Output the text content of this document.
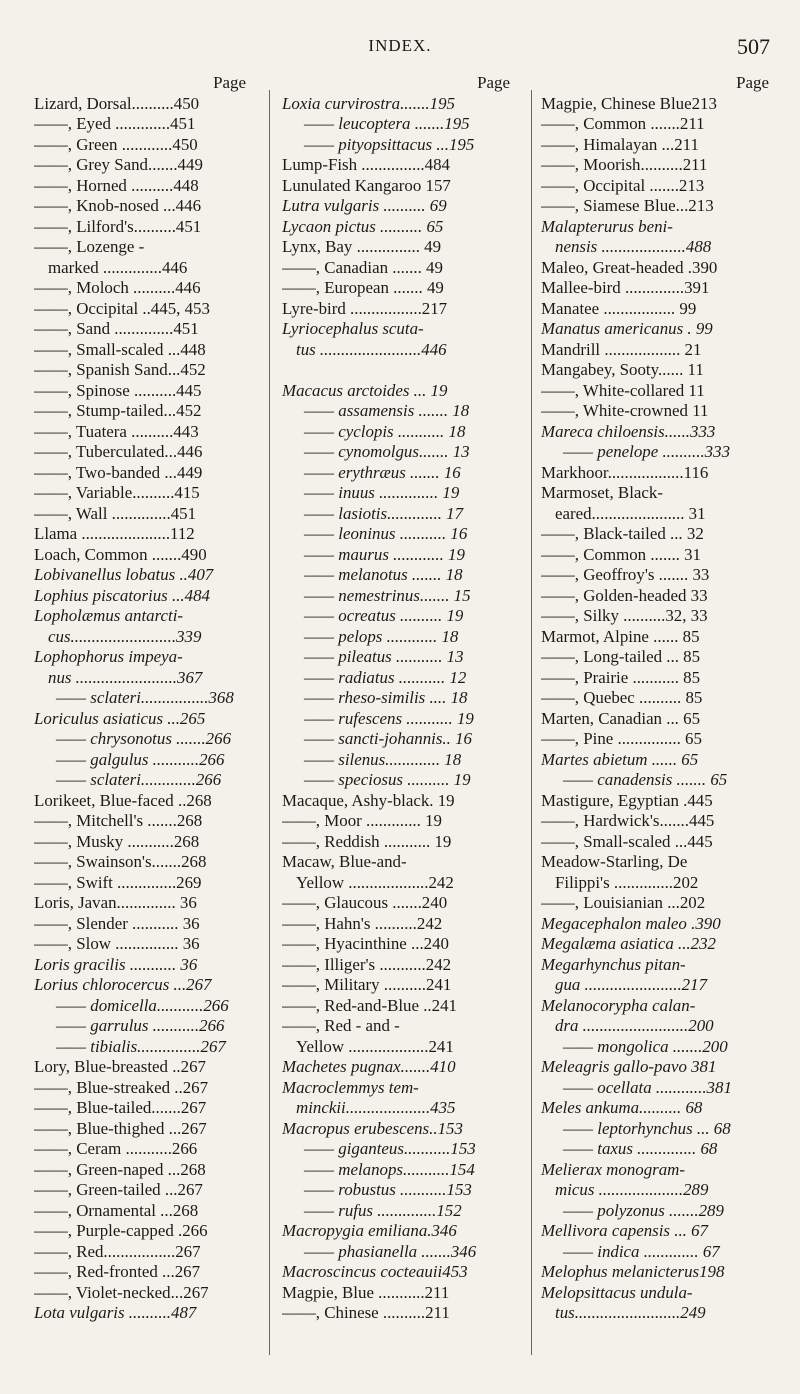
INDEX.	507
Page
Lizard, Dorsal..........450
——, Eyed .............451
——, Green ............450
——, Grey Sand.......449
——, Horned ..........448
——, Knob-nosed ...446
——, Lilford's..........451
——, Lozenge -
marked ..............446
——, Moloch ..........446
——, Occipital ..445, 453
——, Sand ..............451
——, Small-scaled ...448
——, Spanish Sand...452
——, Spinose ..........445
——, Stump-tailed...452
——, Tuatera ..........443
——, Tuberculated...446
——, Two-banded ...449
——, Variable..........415
——, Wall ..............451
Llama .....................112
Loach, Common .......490
Lobivanellus lobatus ..407
Lophius piscatorius ...484
Lopholæmus antarcti-
cus.........................339
Lophophorus impeya-
nus ........................367
—— sclateri................368
Loriculus asiaticus ...265
—— chrysonotus .......266
—— galgulus ...........266
—— sclateri.............266
Lorikeet, Blue-faced ..268
——, Mitchell's .......268
——, Musky ...........268
——, Swainson's.......268
——, Swift ..............269
Loris, Javan.............. 36
——, Slender ........... 36
——, Slow ............... 36
Loris gracilis ........... 36
Lorius chlorocercus ...267
—— domicella...........266
—— garrulus ...........266
—— tibialis...............267
Lory, Blue-breasted ..267
——, Blue-streaked ..267
——, Blue-tailed.......267
——, Blue-thighed ...267
——, Ceram ...........266
——, Green-naped ...268
——, Green-tailed ...267
——, Ornamental ...268
——, Purple-capped .266
——, Red.................267
——, Red-fronted ...267
——, Violet-necked...267
Lota vulgaris ..........487
Page
Loxia curvirostra.......195
—— leucoptera .......195
—— pityopsittacus ...195
Lump-Fish ...............484
Lunulated Kangaroo 157
Lutra vulgaris .......... 69
Lycaon pictus .......... 65
Lynx, Bay ............... 49
——, Canadian ....... 49
——, European ....... 49
Lyre-bird .................217
Lyriocephalus scuta-
tus ........................446

Macacus arctoides ... 19
—— assamensis ....... 18
—— cyclopis ........... 18
—— cynomolgus....... 13
—— erythræus ....... 16
—— inuus .............. 19
—— lasiotis............. 17
—— leoninus ........... 16
—— maurus ............ 19
—— melanotus ....... 18
—— nemestrinus....... 15
—— ocreatus .......... 19
—— pelops ............ 18
—— pileatus ........... 13
—— radiatus ........... 12
—— rheso-similis .... 18
—— rufescens ........... 19
—— sancti-johannis.. 16
—— silenus............. 18
—— speciosus .......... 19
Macaque, Ashy-black. 19
——, Moor ............. 19
——, Reddish ........... 19
Macaw, Blue-and-
Yellow ...................242
——, Glaucous .......240
——, Hahn's ..........242
——, Hyacinthine ...240
——, Illiger's ...........242
——, Military ..........241
——, Red-and-Blue ..241
——, Red - and -
Yellow ...................241
Machetes pugnax.......410
Macroclemmys tem-
minckii....................435
Macropus erubescens..153
—— giganteus...........153
—— melanops...........154
—— robustus ...........153
—— rufus ..............152
Macropygia emiliana.346
—— phasianella .......346
Macroscincus cocteauii453
Magpie, Blue ...........211
——, Chinese ..........211
Page
Magpie, Chinese Blue213
——, Common .......211
——, Himalayan ...211
——, Moorish..........211
——, Occipital .......213
——, Siamese Blue...213
Malapterurus beni-
nensis ....................488
Maleo, Great-headed .390
Mallee-bird ..............391
Manatee ................. 99
Manatus americanus . 99
Mandrill .................. 21
Mangabey, Sooty...... 11
——, White-collared 11
——, White-crowned 11
Mareca chiloensis......333
—— penelope ..........333
Markhoor..................116
Marmoset, Black-
eared...................... 31
——, Black-tailed ... 32
——, Common ....... 31
——, Geoffroy's ....... 33
——, Golden-headed 33
——, Silky ..........32, 33
Marmot, Alpine ...... 85
——, Long-tailed ... 85
——, Prairie ........... 85
——, Quebec .......... 85
Marten, Canadian ... 65
——, Pine ............... 65
Martes abietum ...... 65
—— canadensis ....... 65
Mastigure, Egyptian .445
——, Hardwick's.......445
——, Small-scaled ...445
Meadow-Starling, De
Filippi's ..............202
——, Louisianian ...202
Megacephalon maleo .390
Megalæma asiatica ...232
Megarhynchus pitan-
gua .......................217
Melanocorypha calan-
dra .........................200
—— mongolica .......200
Meleagris gallo-pavo 381
—— ocellata ............381
Meles ankuma.......... 68
—— leptorhynchus ... 68
—— taxus .............. 68
Melierax monogram-
micus ....................289
—— polyzonus .......289
Mellivora capensis ... 67
—— indica ............. 67
Melophus melanicterus198
Melopsittacus undula-
tus.........................249
